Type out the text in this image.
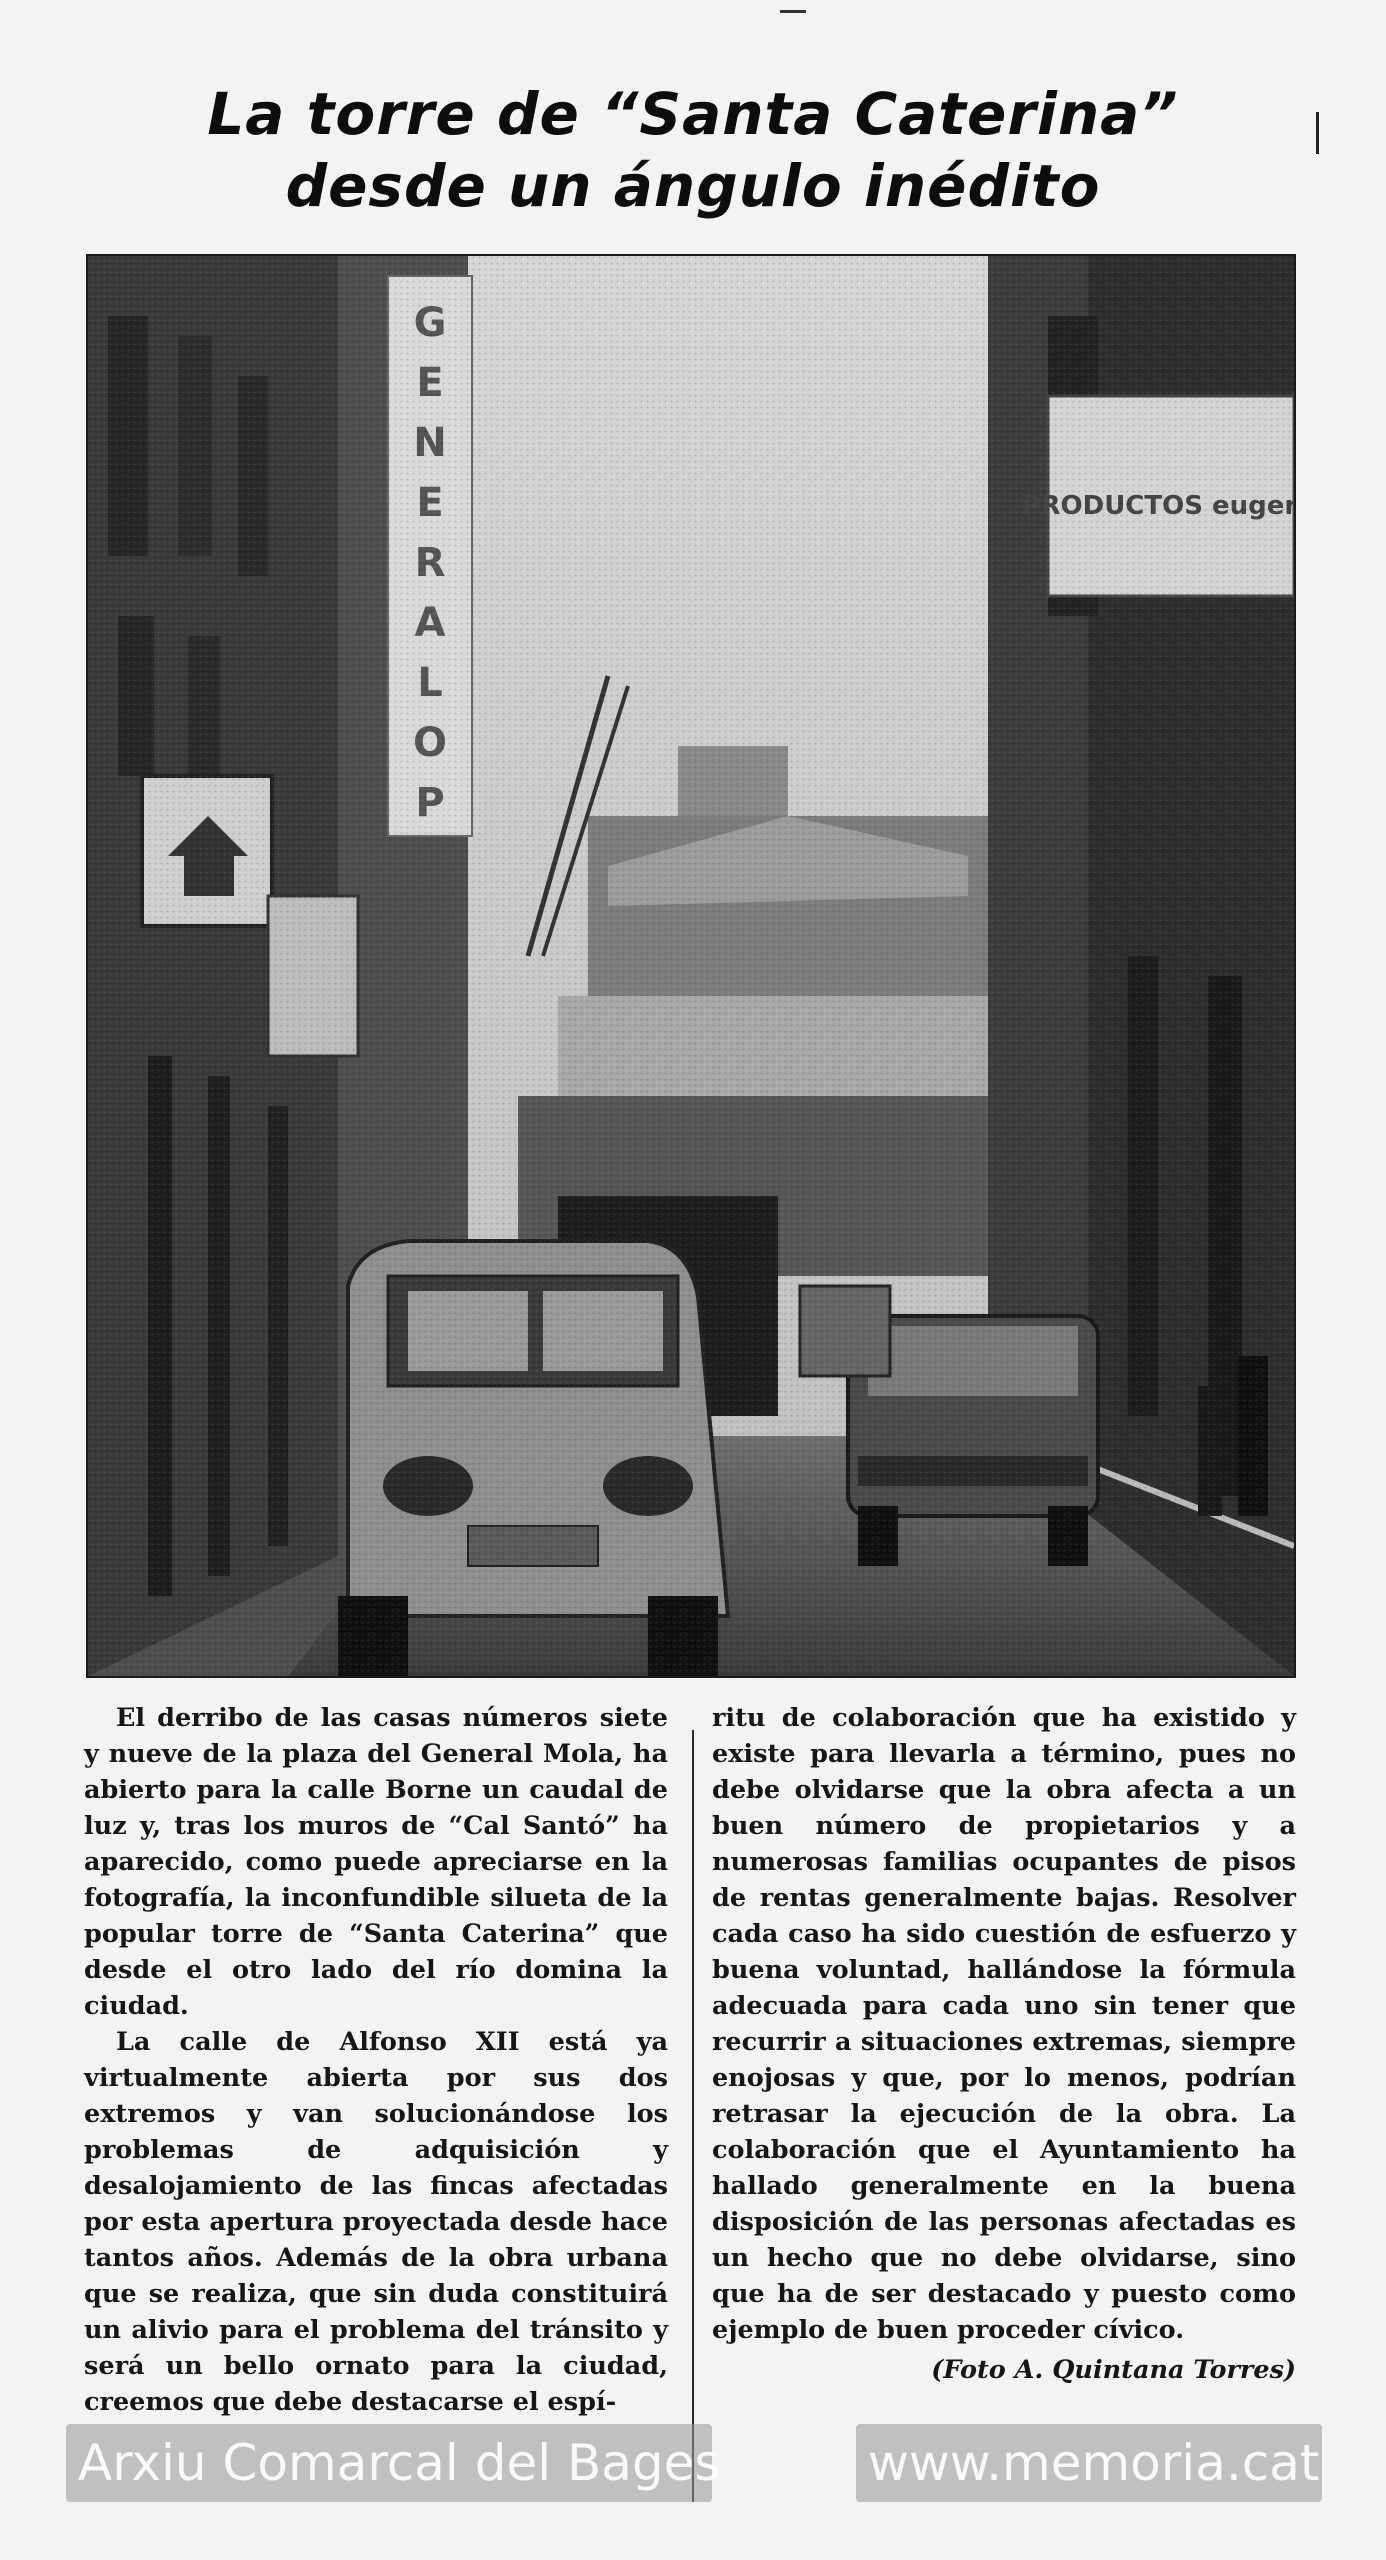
La torre de “Santa Caterina”
desde un ángulo inédito

El derribo de las casas números siete y nueve de la plaza del General Mola, ha abierto para la calle Borne un caudal de luz y, tras los muros de “Cal Santó” ha aparecido, como puede apreciarse en la fotografía, la inconfundible silueta de la popular torre de “Santa Caterina” que desde el otro lado del río domina la ciudad.

La calle de Alfonso XII está ya virtualmente abierta por sus dos extremos y van solucionándose los problemas de adquisición y desalojamiento de las fincas afectadas por esta apertura proyectada desde hace tantos años. Además de la obra urbana que se realiza, que sin duda constituirá un alivio para el problema del tránsito y será un bello ornato para la ciudad, creemos que debe destacarse el espí-

ritu de colaboración que ha existido y existe para llevarla a término, pues no debe olvidarse que la obra afecta a un buen número de propietarios y a numerosas familias ocupantes de pisos de rentas generalmente bajas. Resolver cada caso ha sido cuestión de esfuerzo y buena voluntad, hallándose la fórmula adecuada para cada uno sin tener que recurrir a situaciones extremas, siempre enojosas y que, por lo menos, podrían retrasar la ejecución de la obra. La colaboración que el Ayuntamiento ha hallado generalmente en la buena disposición de las personas afectadas es un hecho que no debe olvidarse, sino que ha de ser destacado y puesto como ejemplo de buen proceder cívico.

(Foto A. Quintana Torres)
Arxiu Comarcal del Bages	www.memoria.cat
